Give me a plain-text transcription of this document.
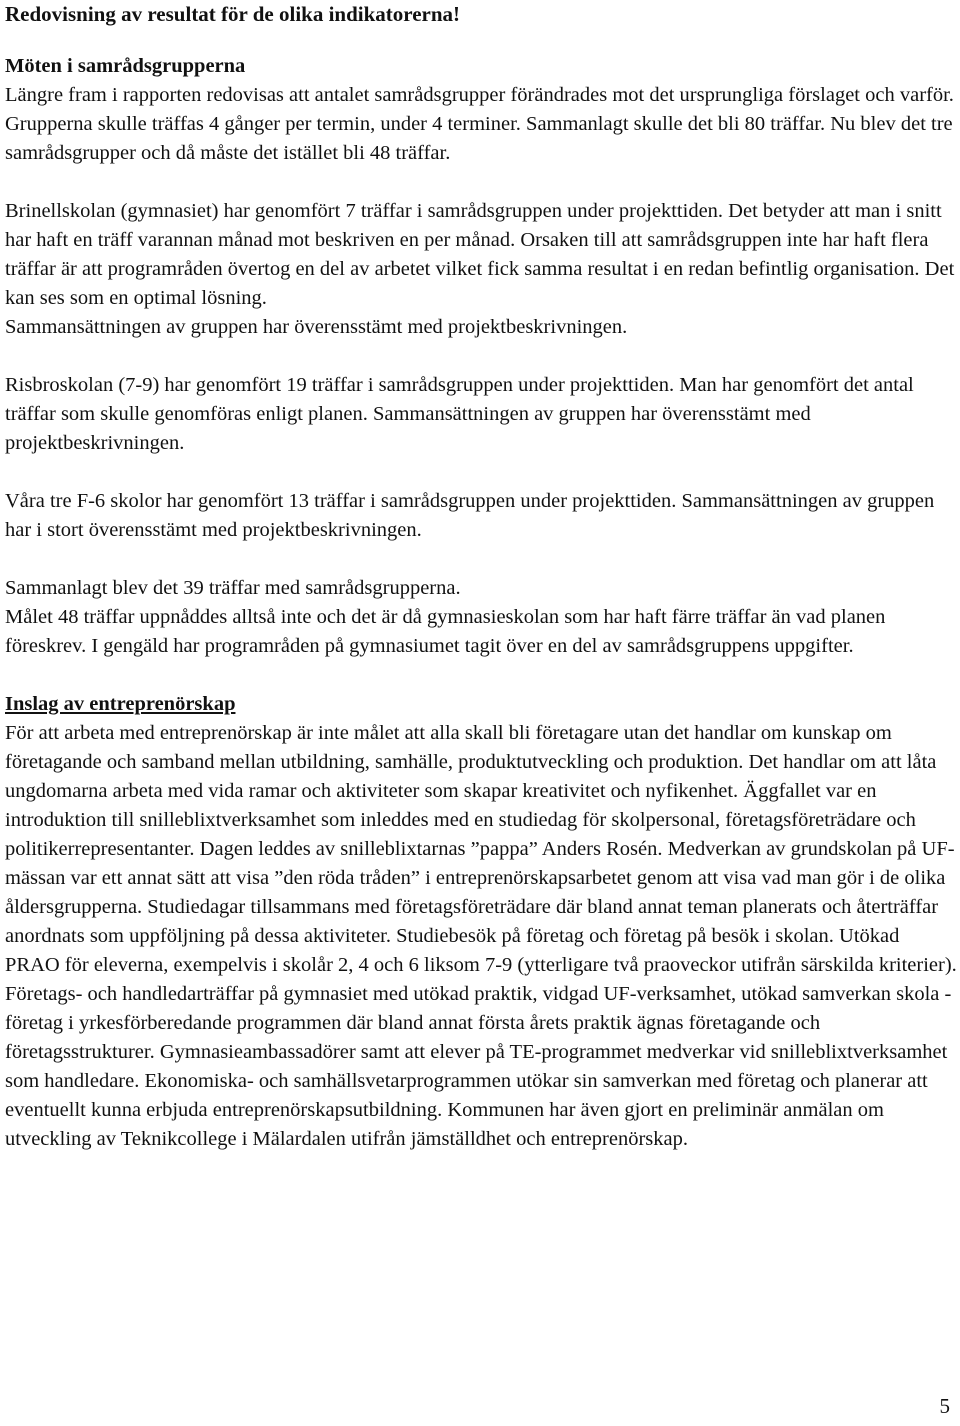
Redovisning av resultat för de olika indikatorerna!

Möten i samrådsgrupperna

Längre fram i rapporten redovisas att antalet samrådsgrupper förändrades mot det ursprungliga förslaget och varför. Grupperna skulle träffas 4 gånger per termin, under 4 terminer. Sammanlagt skulle det bli 80 träffar. Nu blev det tre samrådsgrupper och då måste det istället bli 48 träffar.

Brinellskolan (gymnasiet) har genomfört 7 träffar i samrådsgruppen under projekttiden. Det betyder att man i snitt har haft en träff varannan månad mot beskriven en per månad. Orsaken till att samrådsgruppen inte har haft flera träffar är att programråden övertog en del av arbetet vilket fick samma resultat i en redan befintlig organisation. Det kan ses som en optimal lösning.

Sammansättningen av gruppen har överensstämt med projektbeskrivningen.

Risbroskolan (7-9) har genomfört 19 träffar i samrådsgruppen under projekttiden. Man har genomfört det antal träffar som skulle genomföras enligt planen. Sammansättningen av gruppen har överensstämt med projektbeskrivningen.

Våra tre F-6 skolor har genomfört 13 träffar i samrådsgruppen under projekttiden. Sammansättningen av gruppen har i stort överensstämt med projektbeskrivningen.

Sammanlagt blev det 39 träffar med samrådsgrupperna.

Målet 48 träffar uppnåddes alltså inte och det är då gymnasieskolan som har haft färre träffar än vad planen föreskrev. I gengäld har programråden på gymnasiumet tagit över en del av samrådsgruppens uppgifter.

Inslag av entreprenörskap

För att arbeta med entreprenörskap är inte målet att alla skall bli företagare utan det handlar om kunskap om företagande och samband mellan utbildning, samhälle, produktutveckling och produktion. Det handlar om att låta ungdomarna arbeta med vida ramar och aktiviteter som skapar kreativitet och nyfikenhet. Äggfallet var en introduktion till snilleblixtverksamhet som inleddes med en studiedag för skolpersonal, företagsföreträdare och politikerrepresentanter. Dagen leddes av snilleblixtarnas ”pappa” Anders Rosén. Medverkan av grundskolan på UF-mässan var ett annat sätt att visa ”den röda tråden” i entreprenörskapsarbetet genom att visa vad man gör i de olika åldersgrupperna. Studiedagar tillsammans med företagsföreträdare där bland annat teman planerats och återträffar anordnats som uppföljning på dessa aktiviteter. Studiebesök på företag och företag på besök i skolan. Utökad PRAO för eleverna, exempelvis i skolår 2, 4 och 6 liksom 7-9 (ytterligare två praoveckor utifrån särskilda kriterier). Företags- och handledarträffar på gymnasiet med utökad praktik, vidgad UF-verksamhet, utökad samverkan skola - företag i yrkesförberedande programmen där bland annat första årets praktik ägnas företagande och företagsstrukturer. Gymnasieambassadörer samt att elever på TE-programmet medverkar vid snilleblixtverksamhet som handledare. Ekonomiska- och samhällsvetarprogrammen utökar sin samverkan med företag och planerar att eventuellt kunna erbjuda entreprenörskapsutbildning. Kommunen har även gjort en preliminär anmälan om utveckling av Teknikcollege i Mälardalen utifrån jämställdhet och entreprenörskap.

5
